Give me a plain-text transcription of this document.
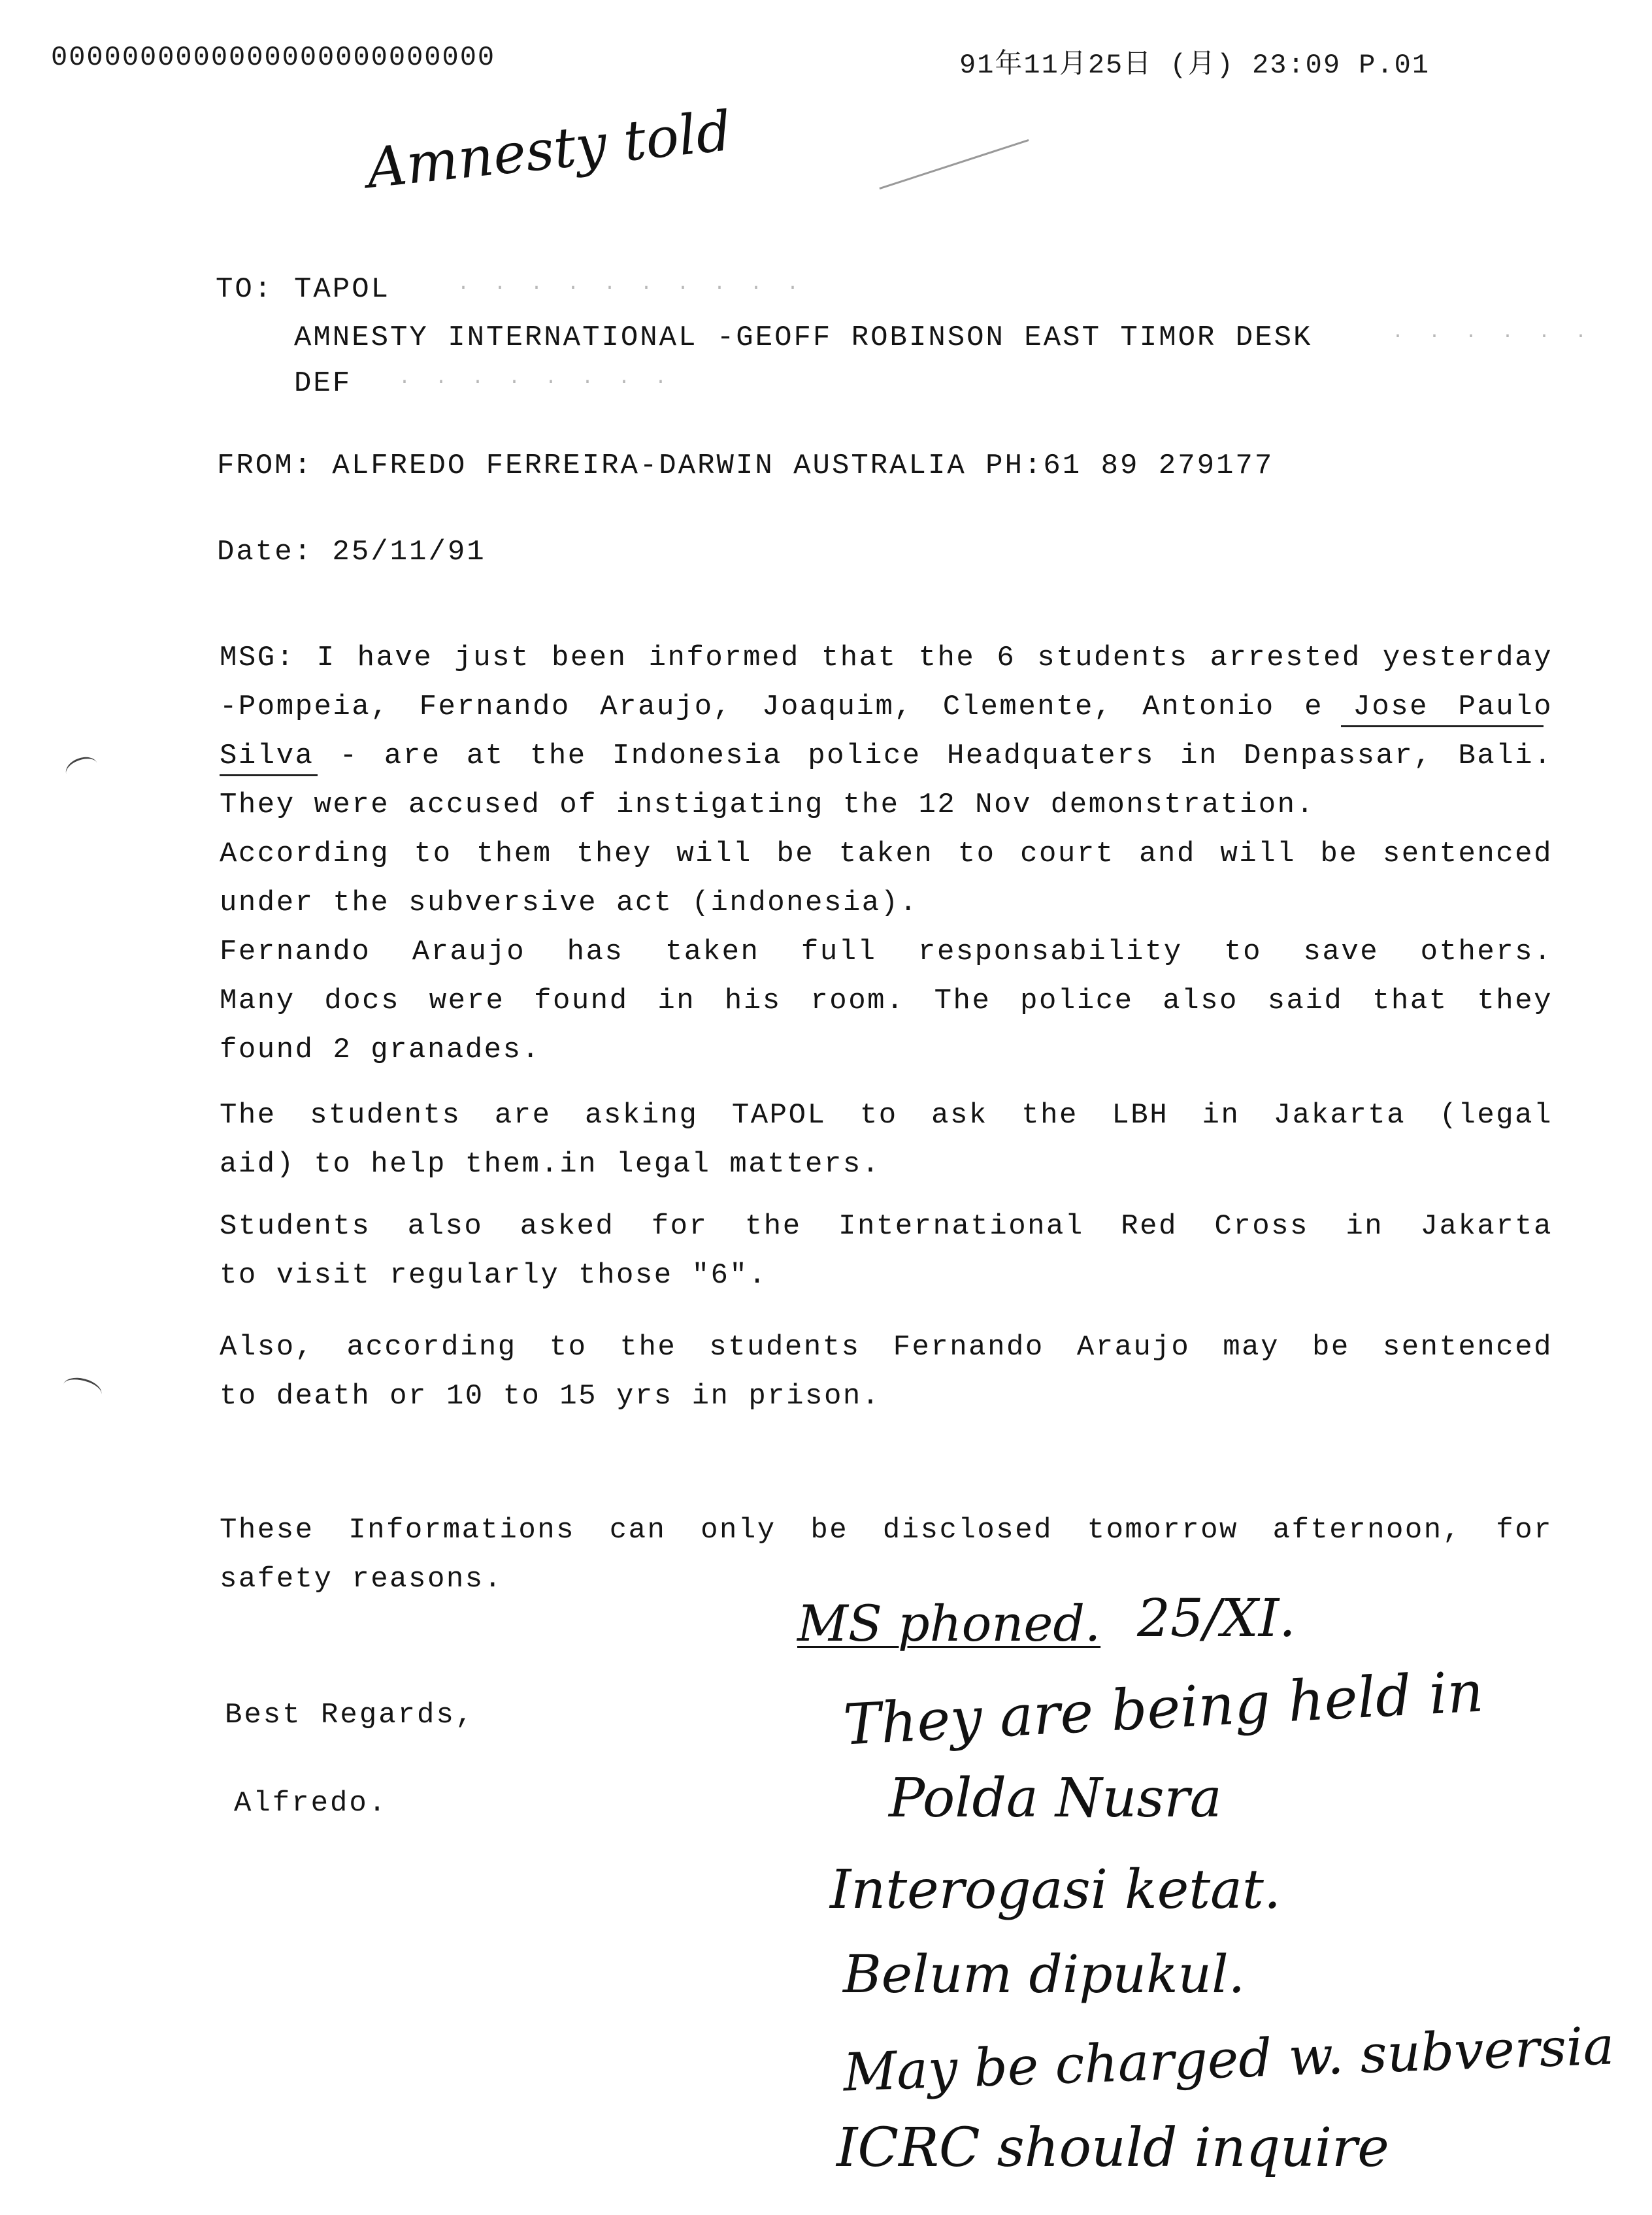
0000000000000000000000000	91年11月25日 (月) 23:09 P.01
Amnesty told
TO: TAPOL	· · · · · · · · · ·
AMNESTY INTERNATIONAL -GEOFF ROBINSON EAST TIMOR DESK	· · · · · ·
DEF · · · · · · · ·
FROM: ALFREDO FERREIRA-DARWIN AUSTRALIA PH:61 89 279177
Date: 25/11/91
MSG: I have just been informed that the 6 students arrested yesterday
-Pompeia, Fernando Araujo, Joaquim, Clemente, Antonio e Jose Paulo
Silva - are at the Indonesia police Headquaters in Denpassar, Bali.
They were accused of instigating the 12 Nov demonstration.
According to them they will be taken to court and will be sentenced
under the subversive act (indonesia).
Fernando Araujo has taken full responsability to save others.
Many docs were found in his room. The police also said that they
found 2 granades.
The students are asking TAPOL to ask the LBH in Jakarta (legal
aid) to help them.in legal matters.
Students also asked for the International Red Cross in Jakarta
to visit regularly those "6".
Also, according to the students Fernando Araujo may be sentenced
to death or 10 to 15 yrs in prison.
These Informations can only be disclosed tomorrow afternoon, for
safety reasons.
Best Regards,
Alfredo.
MS phoned. 25/XI.
They are being held in
Polda Nusra
Interogasi ketat.
Belum dipukul.
May be charged w. subversia
ICRC should inquire
